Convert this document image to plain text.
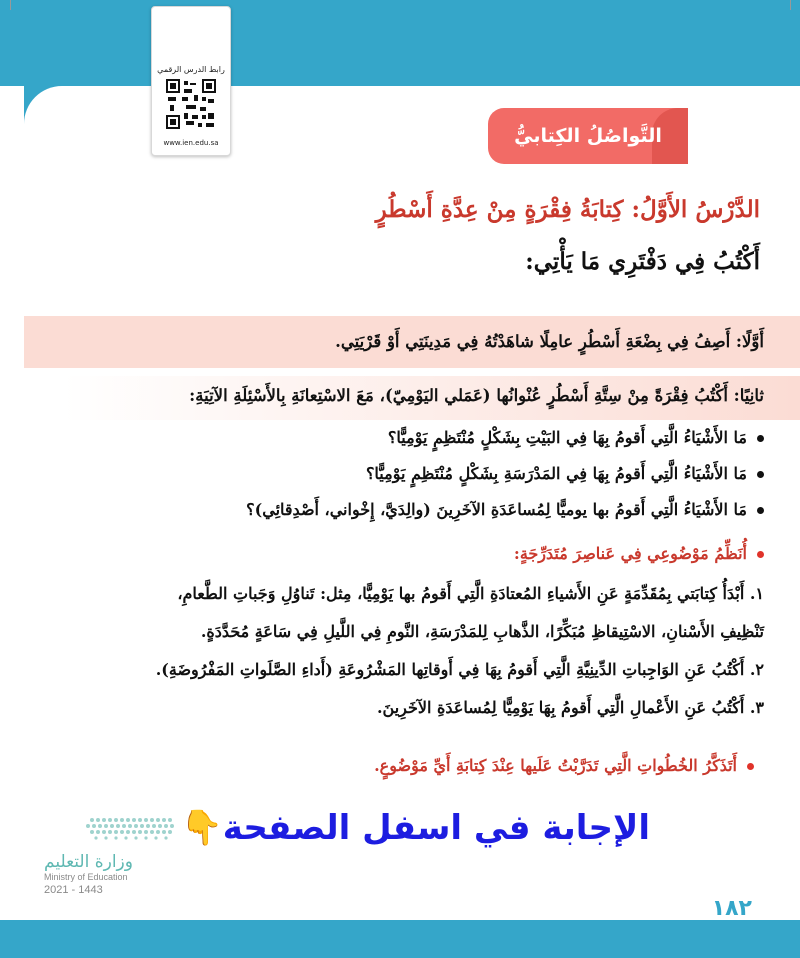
رابط الدرس الرقمي
www.ien.edu.sa	التَّواصُلُ الكِتابيُّ
الدَّرْسُ الأَوَّلُ: كِتابَةُ فِقْرَةٍ مِنْ عِدَّةِ أَسْطُرٍ
أَكْتُبُ فِي دَفْتَرِي مَا يَأْتِي:
أَوَّلًا: أَصِفُ فِي بِضْعَةِ أَسْطُرٍ عامِلًا شاهَدْتُهُ فِي مَدِينَتِي أَوْ قَرْيَتِي.
ثانِيًا: أَكْتُبُ فِقْرَةً مِنْ سِتَّةِ أَسْطُرٍ عُنْوانُها (عَمَلي اليَوْمِيّ)، مَعَ الاسْتِعانَةِ بِالأَسْئِلَةِ الآتِيَةِ:
مَا الأَشْيَاءُ الَّتِي أَقومُ بِهَا فِي البَيْتِ بِشَكْلٍ مُنْتَظِمٍ يَوْمِيًّا؟
مَا الأَشْيَاءُ الَّتِي أَقومُ بِهَا فِي المَدْرَسَةِ بِشَكْلٍ مُنْتَظِمٍ يَوْمِيًّا؟
مَا الأَشْيَاءُ الَّتِي أَقومُ بها يوميًّا لِمُساعَدَةِ الآخَرِينَ (والِدَيَّ، إِخْواني، أَصْدِقائِي)؟
أُنَظِّمُ مَوْضُوعِي فِي عَناصِرَ مُتَدَرِّجَةٍ:
١. أَبْدَأُ كِتابَتي بِمُقَدِّمَةٍ عَنِ الأَشياءِ المُعتادَةِ الَّتِي أَقومُ بها يَوْمِيًّا، مِثل: تَناوُلِ وَجَباتِ الطَّعامِ،
تَنْظِيفِ الأَسْنانِ، الاسْتِيقاظِ مُبَكِّرًا، الذَّهابِ لِلمَدْرَسَةِ، النَّومِ فِي اللَّيلِ فِي سَاعَةٍ مُحَدَّدَةٍ.
٢. أَكْتُبُ عَنِ الوَاجِباتِ الدِّينِيَّةِ الَّتِي أَقومُ بِهَا فِي أَوقاتِها المَشْرُوعَةِ (أَداءِ الصَّلَواتِ المَفْرُوضَةِ).
٣. أَكْتُبُ عَنِ الأَعْمالِ الَّتِي أَقومُ بِهَا يَوْمِيًّا لِمُساعَدَةِ الآخَرِينَ.
أَتَذَكَّرُ الخُطُواتِ الَّتِي تَدَرَّبْتُ عَلَيها عِنْدَ كِتابَةِ أَيِّ مَوْضُوعٍ.
الإجابة في اسفل الصفحة👇
وزارة التعليم
Ministry of Education
2021 - 1443
١٨٢
